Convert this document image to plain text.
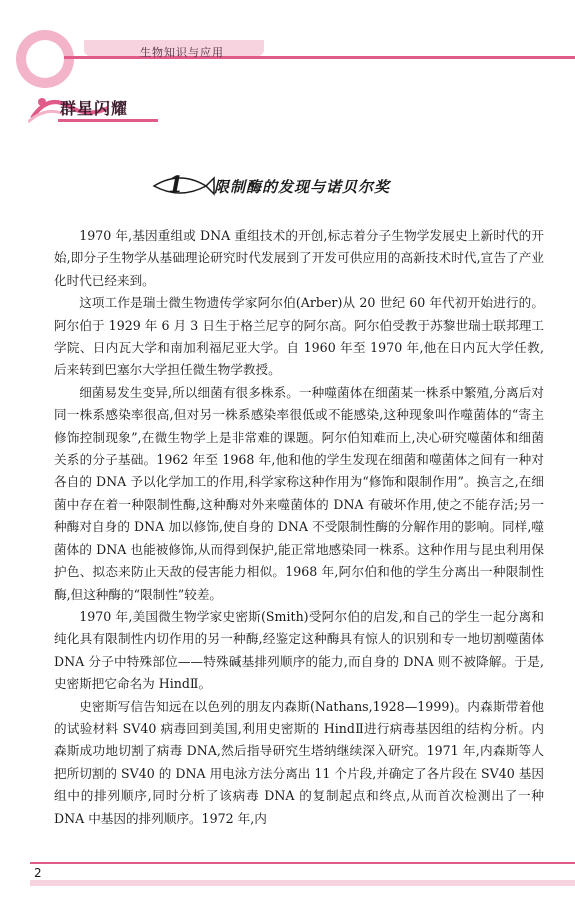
生物知识与应用
群星闪耀
1 限制酶的发现与诺贝尔奖

1970 年,基因重组或 DNA 重组技术的开创,标志着分子生物学发展史上新时代的开始,即分子生物学从基础理论研究时代发展到了开发可供应用的高新技术时代,宣告了产业化时代已经来到。

这项工作是瑞士微生物遗传学家阿尔伯(Arber)从 20 世纪 60 年代初开始进行的。阿尔伯于 1929 年 6 月 3 日生于格兰尼亨的阿尔高。阿尔伯受教于苏黎世瑞士联邦理工学院、日内瓦大学和南加利福尼亚大学。自 1960 年至 1970 年,他在日内瓦大学任教,后来转到巴塞尔大学担任微生物学教授。

细菌易发生变异,所以细菌有很多株系。一种噬菌体在细菌某一株系中繁殖,分离后对同一株系感染率很高,但对另一株系感染率很低或不能感染,这种现象叫作噬菌体的“寄主修饰控制现象”,在微生物学上是非常难的课题。阿尔伯知难而上,决心研究噬菌体和细菌关系的分子基础。1962 年至 1968 年,他和他的学生发现在细菌和噬菌体之间有一种对各自的 DNA 予以化学加工的作用,科学家称这种作用为“修饰和限制作用”。换言之,在细菌中存在着一种限制性酶,这种酶对外来噬菌体的 DNA 有破坏作用,使之不能存活;另一种酶对自身的 DNA 加以修饰,使自身的 DNA 不受限制性酶的分解作用的影响。同样,噬菌体的 DNA 也能被修饰,从而得到保护,能正常地感染同一株系。这种作用与昆虫利用保护色、拟态来防止天敌的侵害能力相似。1968 年,阿尔伯和他的学生分离出一种限制性酶,但这种酶的“限制性”较差。

1970 年,美国微生物学家史密斯(Smith)受阿尔伯的启发,和自己的学生一起分离和纯化具有限制性内切作用的另一种酶,经鉴定这种酶具有惊人的识别和专一地切割噬菌体 DNA 分子中特殊部位——特殊碱基排列顺序的能力,而自身的 DNA 则不被降解。于是,史密斯把它命名为 HindⅡ。

史密斯写信告知远在以色列的朋友内森斯(Nathans,1928—1999)。内森斯带着他的试验材料 SV40 病毒回到美国,利用史密斯的 HindⅡ进行病毒基因组的结构分析。内森斯成功地切割了病毒 DNA,然后指导研究生塔纳继续深入研究。1971 年,内森斯等人把所切割的 SV40 的 DNA 用电泳方法分离出 11 个片段,并确定了各片段在 SV40 基因组中的排列顺序,同时分析了该病毒 DNA 的复制起点和终点,从而首次检测出了一种 DNA 中基因的排列顺序。1972 年,内

2
